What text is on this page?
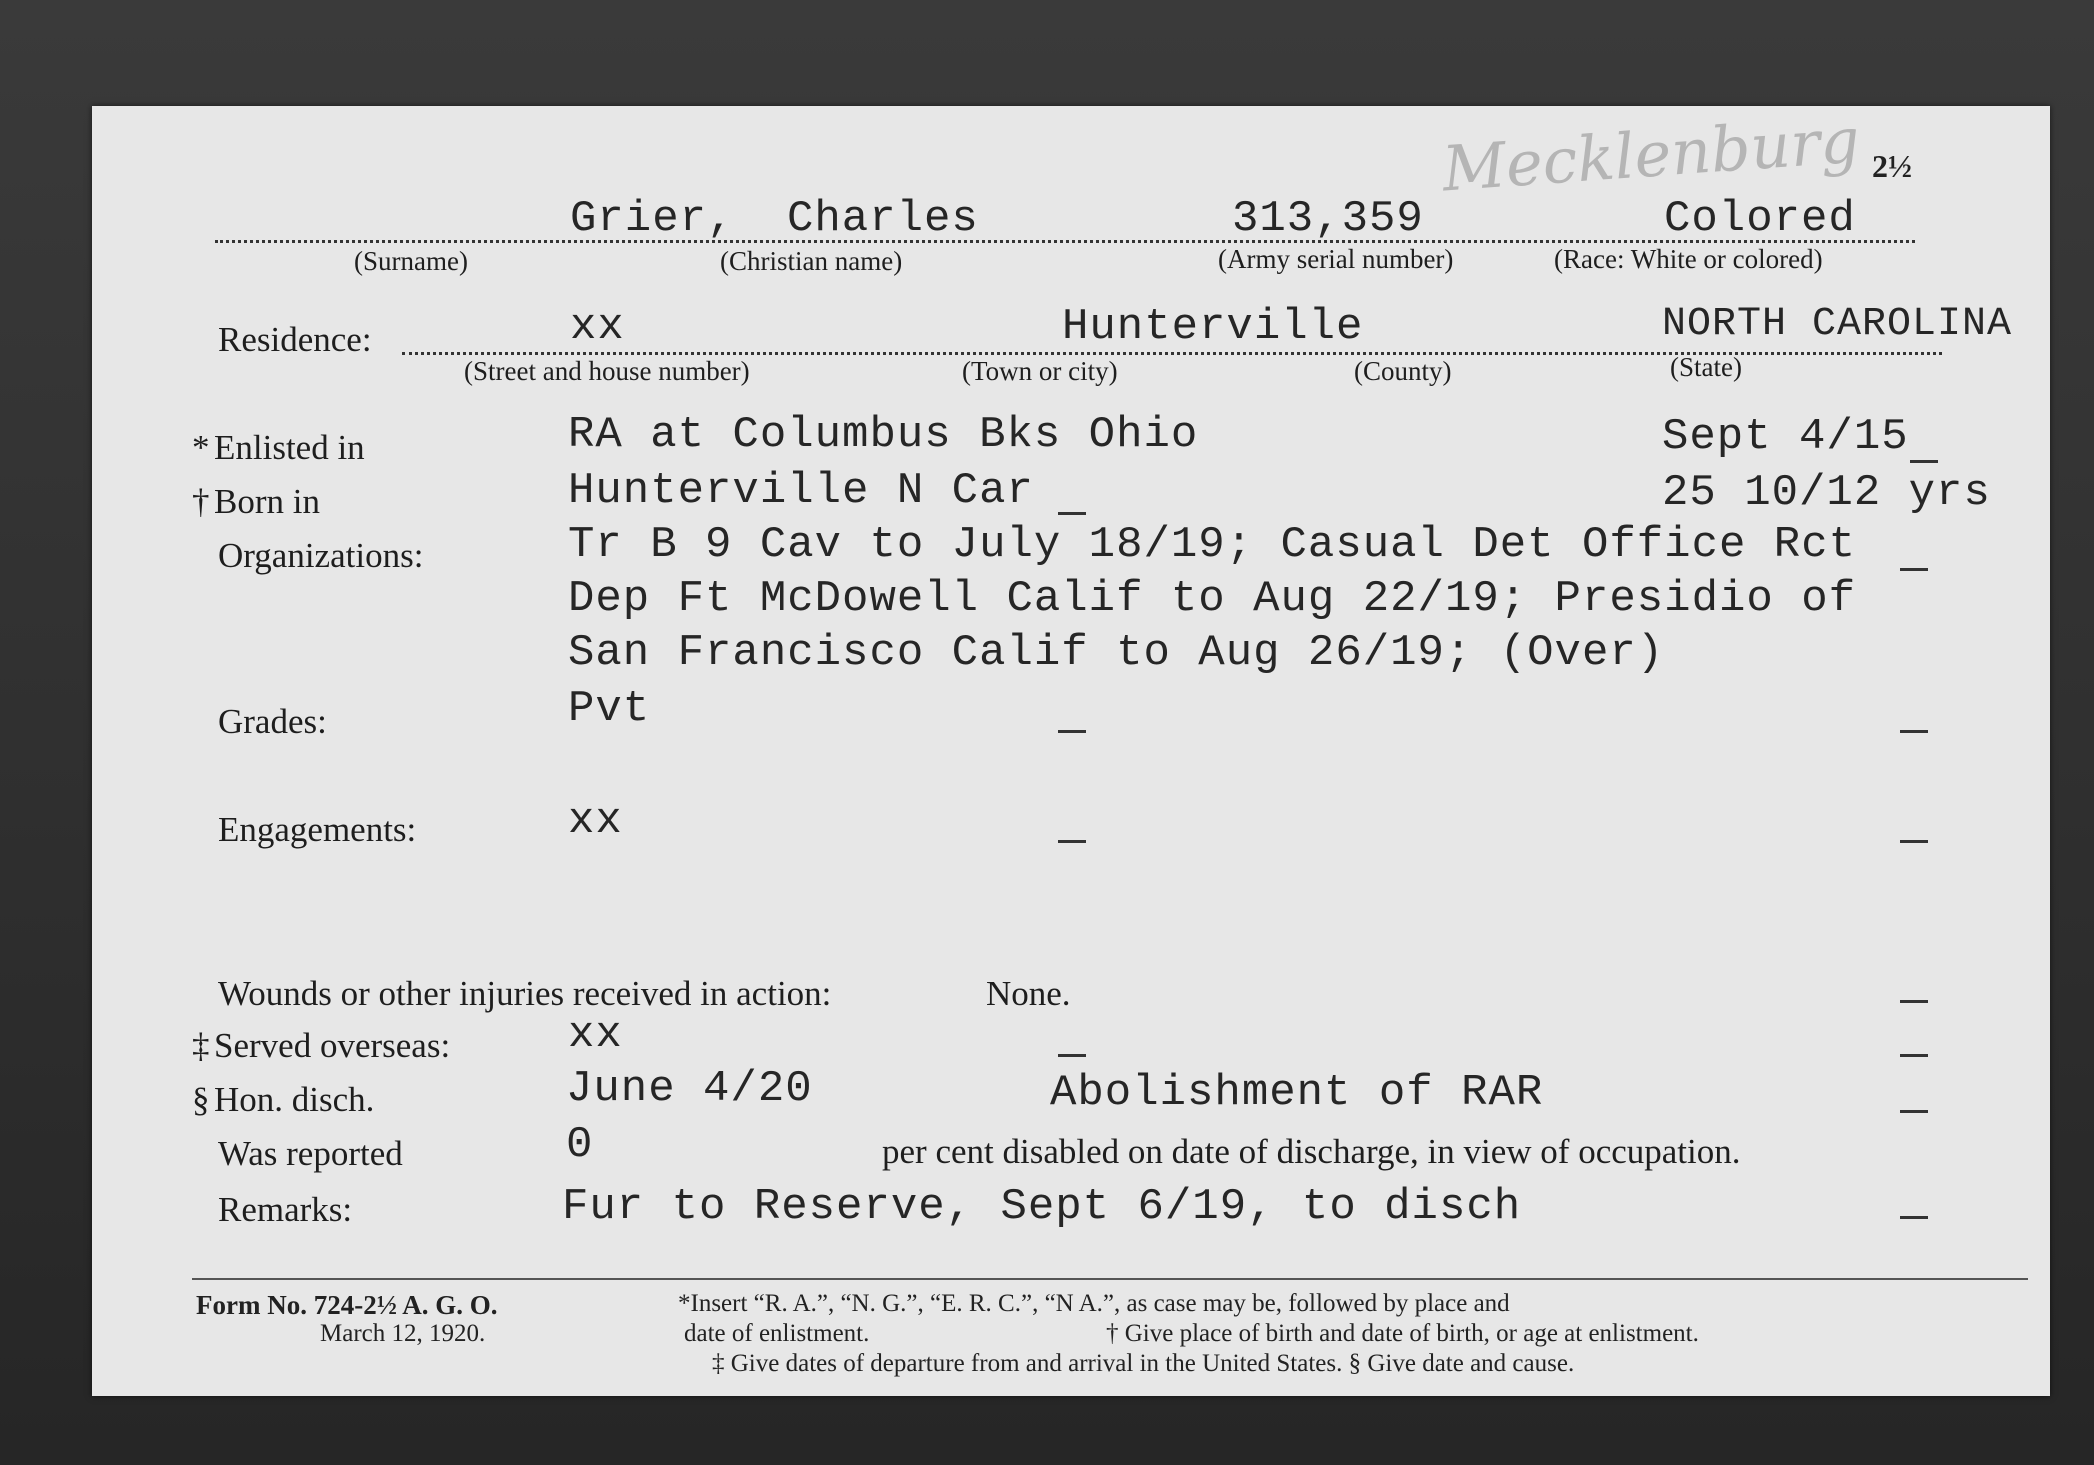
Mecklenburg 2½
Grier, Charles	313,359	Colored
(Surname)	(Christian name)	(Army serial number)	(Race: White or colored)
Residence:	xx	Hunterville	NORTH CAROLINA
(Street and house number)	(Town or city)	(County)	(State)
* Enlisted in	RA at Columbus Bks Ohio	Sept 4/15
† Born in	Hunterville N Car	25 10/12 yrs
Organizations:	Tr B 9 Cav to July 18/19; Casual Det Office Rct
Dep Ft McDowell Calif to Aug 22/19; Presidio of
San Francisco Calif to Aug 26/19; (Over)
Grades:	Pvt
Engagements:	xx
Wounds or other injuries received in action:	None.
‡ Served overseas:	xx
§ Hon. disch.	June 4/20	Abolishment of RAR
Was reported	0	per cent disabled on date of discharge, in view of occupation.
Remarks:	Fur to Reserve, Sept 6/19, to disch
Form No. 724-2½ A. G. O.
March 12, 1920.
*Insert “R. A.”, “N. G.”, “E. R. C.”, “N A.”, as case may be, followed by place and
date of enlistment.	† Give place of birth and date of birth, or age at enlistment.
‡ Give dates of departure from and arrival in the United States. § Give date and cause.
